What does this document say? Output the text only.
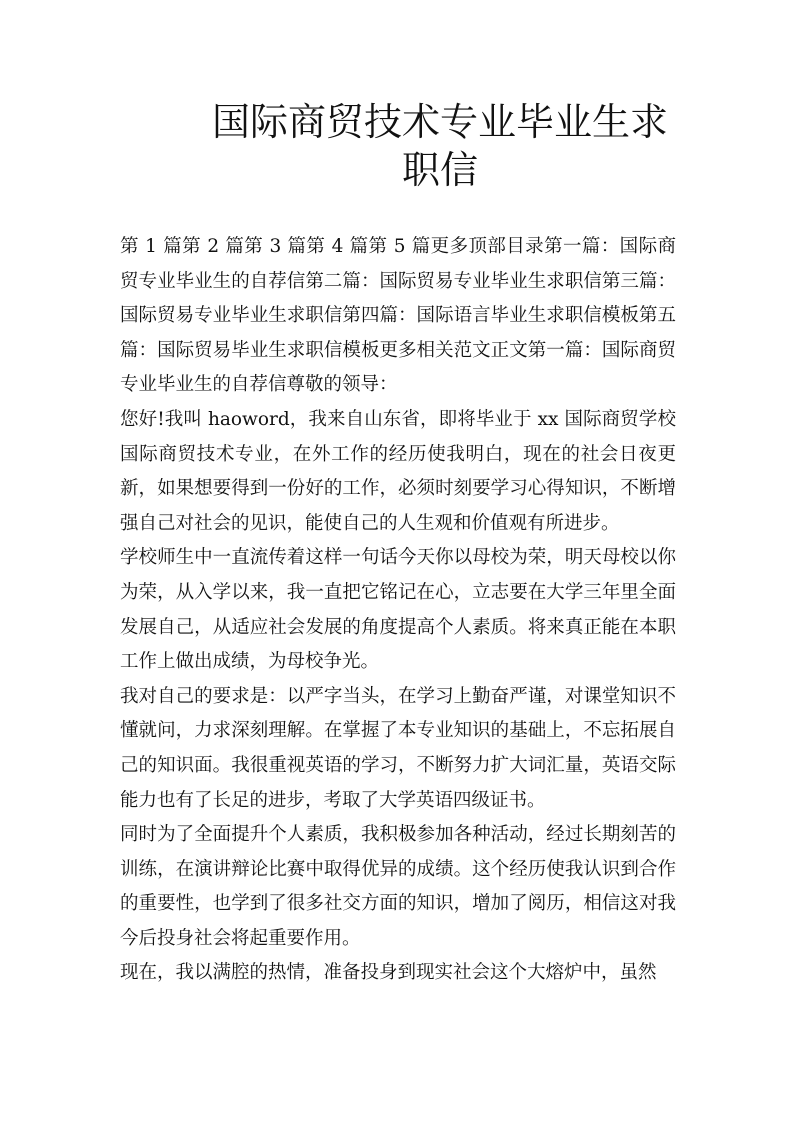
国际商贸技术专业毕业生求职信

第 1 篇第 2 篇第 3 篇第 4 篇第 5 篇更多顶部目录第一篇：国际商贸专业毕业生的自荐信第二篇：国际贸易专业毕业生求职信第三篇：国际贸易专业毕业生求职信第四篇：国际语言毕业生求职信模板第五篇：国际贸易毕业生求职信模板更多相关范文正文第一篇：国际商贸专业毕业生的自荐信尊敬的领导：

您好!我叫 haoword，我来自山东省，即将毕业于 xx 国际商贸学校国际商贸技术专业，在外工作的经历使我明白，现在的社会日夜更新，如果想要得到一份好的工作，必须时刻要学习心得知识，不断增强自己对社会的见识，能使自己的人生观和价值观有所进步。

学校师生中一直流传着这样一句话今天你以母校为荣，明天母校以你为荣，从入学以来，我一直把它铭记在心，立志要在大学三年里全面发展自己，从适应社会发展的角度提高个人素质。将来真正能在本职工作上做出成绩，为母校争光。

我对自己的要求是：以严字当头，在学习上勤奋严谨，对课堂知识不懂就问，力求深刻理解。在掌握了本专业知识的基础上，不忘拓展自己的知识面。我很重视英语的学习，不断努力扩大词汇量，英语交际能力也有了长足的进步，考取了大学英语四级证书。

同时为了全面提升个人素质，我积极参加各种活动，经过长期刻苦的训练，在演讲辩论比赛中取得优异的成绩。这个经历使我认识到合作的重要性，也学到了很多社交方面的知识，增加了阅历，相信这对我今后投身社会将起重要作用。

现在，我以满腔的热情，准备投身到现实社会这个大熔炉中，虽然
